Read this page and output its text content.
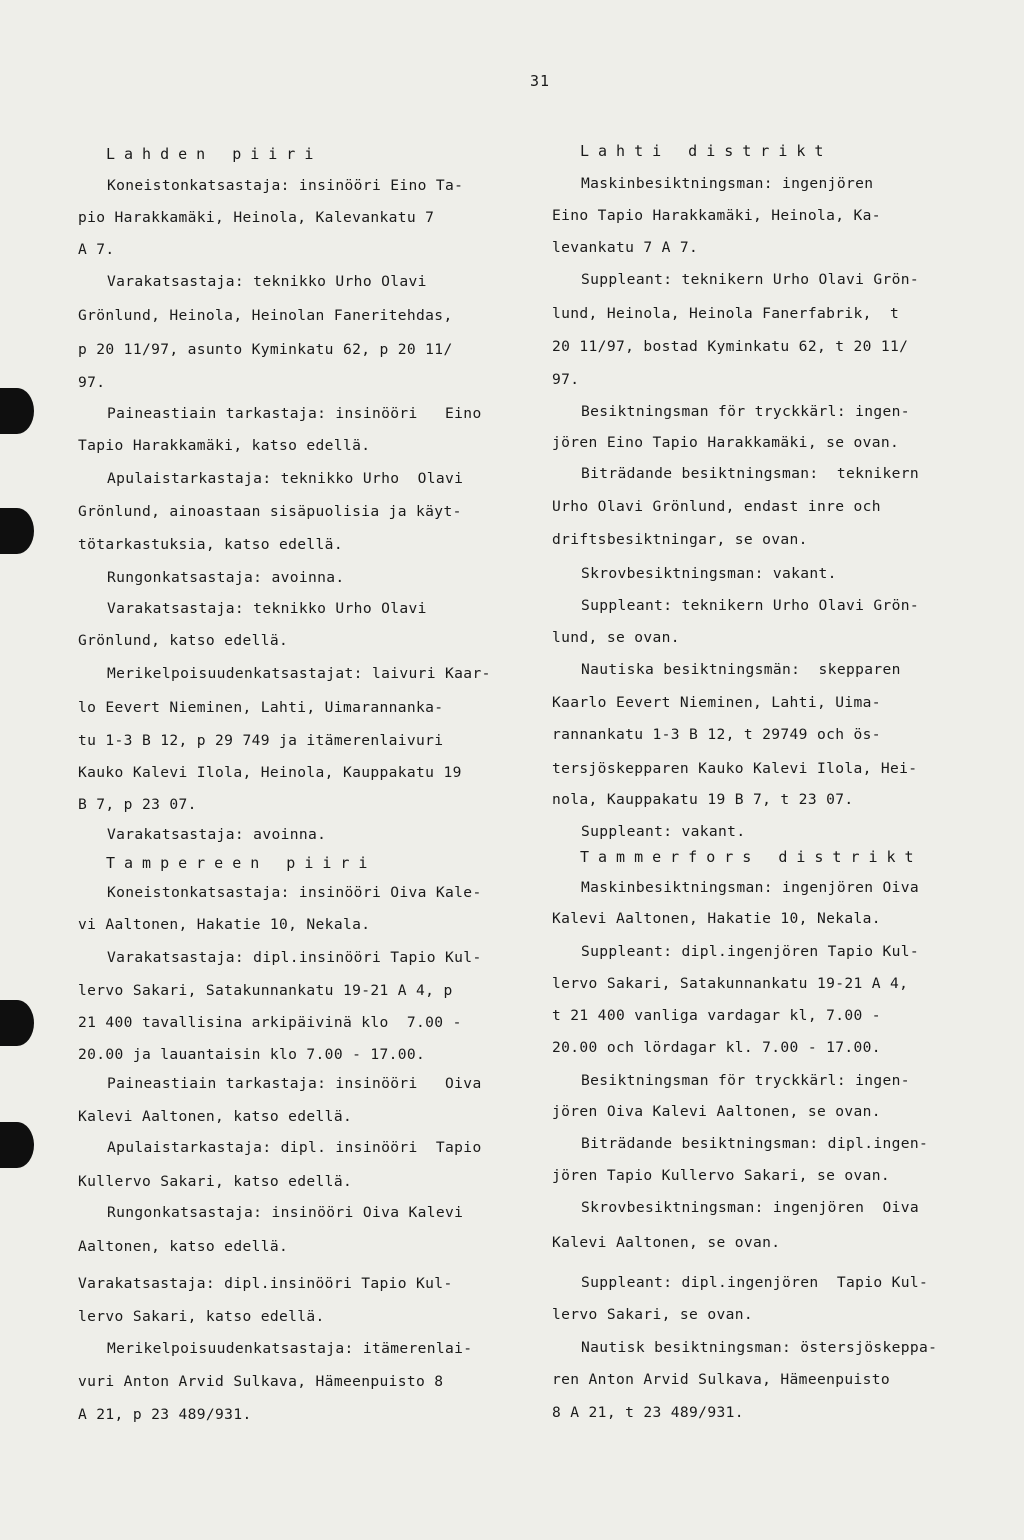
31
Lahden piiri
Koneistonkatsastaja: insinööri Eino Ta-
pio Harakkamäki, Heinola, Kalevankatu 7
A 7.
Varakatsastaja: teknikko Urho Olavi
Grönlund, Heinola, Heinolan Faneritehdas,
p 20 11/97, asunto Kyminkatu 62, p 20 11/
97.
Paineastiain tarkastaja: insinööri   Eino
Tapio Harakkamäki, katso edellä.
Apulaistarkastaja: teknikko Urho  Olavi
Grönlund, ainoastaan sisäpuolisia ja käyt-
tötarkastuksia, katso edellä.
Rungonkatsastaja: avoinna.
Varakatsastaja: teknikko Urho Olavi
Grönlund, katso edellä.
Merikelpoisuudenkatsastajat: laivuri Kaar-
lo Eevert Nieminen, Lahti, Uimarannanka-
tu 1-3 B 12, p 29 749 ja itämerenlaivuri
Kauko Kalevi Ilola, Heinola, Kauppakatu 19
B 7, p 23 07.
Varakatsastaja: avoinna.
Tampereen piiri
Koneistonkatsastaja: insinööri Oiva Kale-
vi Aaltonen, Hakatie 10, Nekala.
Varakatsastaja: dipl.insinööri Tapio Kul-
lervo Sakari, Satakunnankatu 19-21 A 4, p
21 400 tavallisina arkipäivinä klo  7.00 -
20.00 ja lauantaisin klo 7.00 - 17.00.
Paineastiain tarkastaja: insinööri   Oiva
Kalevi Aaltonen, katso edellä.
Apulaistarkastaja: dipl. insinööri  Tapio
Kullervo Sakari, katso edellä.
Rungonkatsastaja: insinööri Oiva Kalevi
Aaltonen, katso edellä.
Varakatsastaja: dipl.insinööri Tapio Kul-
lervo Sakari, katso edellä.
Merikelpoisuudenkatsastaja: itämerenlai-
vuri Anton Arvid Sulkava, Hämeenpuisto 8
A 21, p 23 489/931.
Lahti distrikt
Maskinbesiktningsman: ingenjören
Eino Tapio Harakkamäki, Heinola, Ka-
levankatu 7 A 7.
Suppleant: teknikern Urho Olavi Grön-
lund, Heinola, Heinola Fanerfabrik,  t
20 11/97, bostad Kyminkatu 62, t 20 11/
97.
Besiktningsman för tryckkärl: ingen-
jören Eino Tapio Harakkamäki, se ovan.
Biträdande besiktningsman:  teknikern
Urho Olavi Grönlund, endast inre och
driftsbesiktningar, se ovan.
Skrovbesiktningsman: vakant.
Suppleant: teknikern Urho Olavi Grön-
lund, se ovan.
Nautiska besiktningsmän:  skepparen
Kaarlo Eevert Nieminen, Lahti, Uima-
rannankatu 1-3 B 12, t 29749 och ös-
tersjöskepparen Kauko Kalevi Ilola, Hei-
nola, Kauppakatu 19 B 7, t 23 07.
Suppleant: vakant.
Tammerfors distrikt
Maskinbesiktningsman: ingenjören Oiva
Kalevi Aaltonen, Hakatie 10, Nekala.
Suppleant: dipl.ingenjören Tapio Kul-
lervo Sakari, Satakunnankatu 19-21 A 4,
t 21 400 vanliga vardagar kl, 7.00 -
20.00 och lördagar kl. 7.00 - 17.00.
Besiktningsman för tryckkärl: ingen-
jören Oiva Kalevi Aaltonen, se ovan.
Biträdande besiktningsman: dipl.ingen-
jören Tapio Kullervo Sakari, se ovan.
Skrovbesiktningsman: ingenjören  Oiva
Kalevi Aaltonen, se ovan.
Suppleant: dipl.ingenjören  Tapio Kul-
lervo Sakari, se ovan.
Nautisk besiktningsman: östersjöskeppa-
ren Anton Arvid Sulkava, Hämeenpuisto
8 A 21, t 23 489/931.
